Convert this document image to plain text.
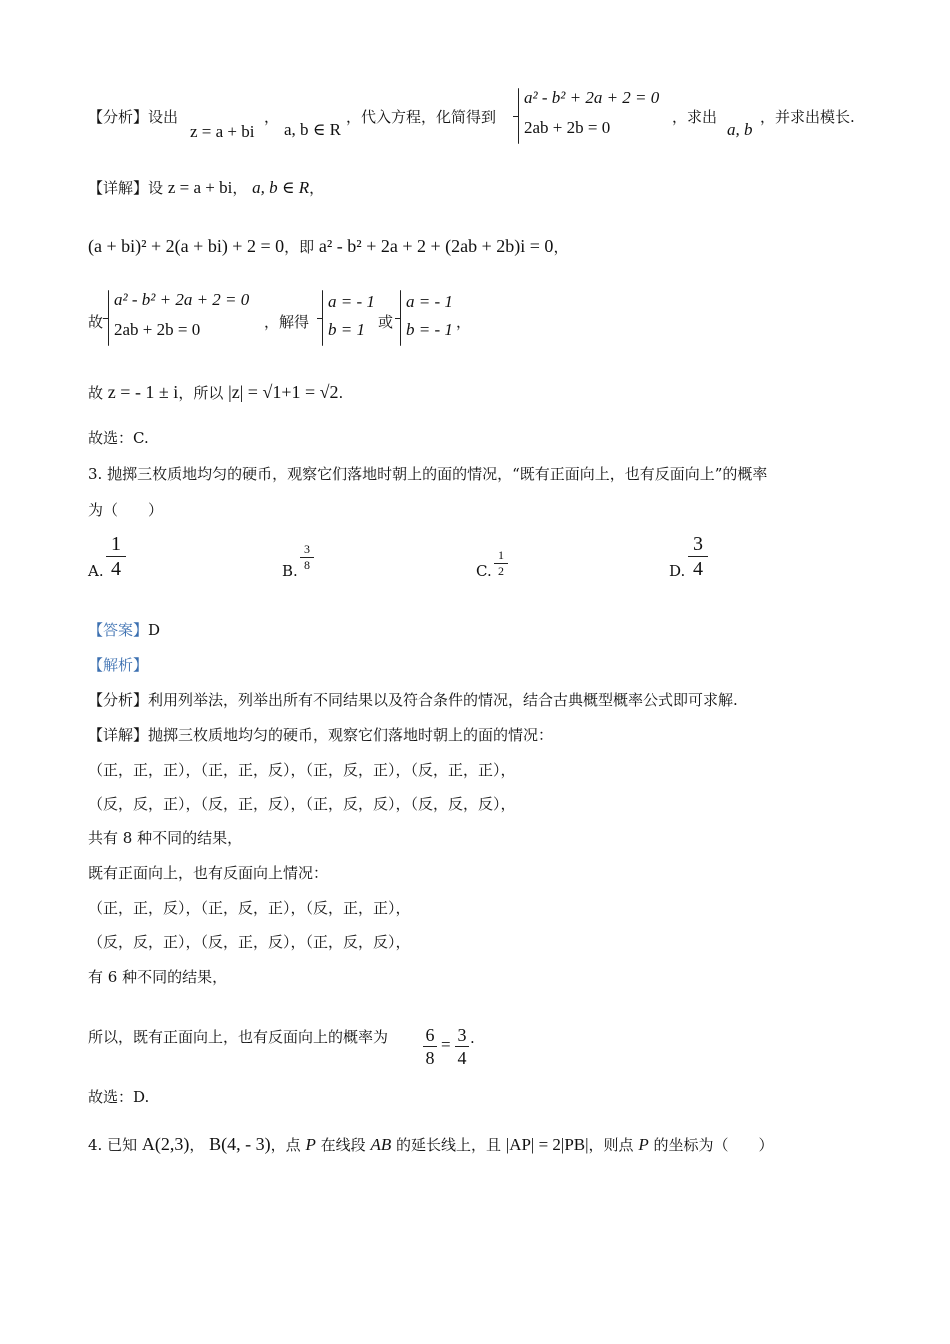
【分析】设出
z = a + bi
，
a, b ∈ R
，代入方程，化简得到
a² - b² + 2a + 2 = 0
2ab + 2b = 0
，求出
a, b
，并求出模长.
【详解】设 z = a + bi， a, b ∈ R，
(a + bi)² + 2(a + bi) + 2 = 0，即 a² - b² + 2a + 2 + (2ab + 2b)i = 0，
故
a² - b² + 2a + 2 = 0
2ab + 2b = 0	，解得
a = - 1
b = 1 或
a = - 1
b = - 1 ，
故 z = - 1 ± i，所以 |z| = √1+1 = √2.
故选：C.
3. 抛掷三枚质地均匀的硬币，观察它们落地时朝上的面的情况，“既有正面向上，也有反面向上”的概率
为（　　）
A.
1
4	B.
3
8	C.
1
2	D.
3
4
【答案】D
【解析】
【分析】利用列举法，列举出所有不同结果以及符合条件的情况，结合古典概型概率公式即可求解.
【详解】抛掷三枚质地均匀的硬币，观察它们落地时朝上的面的情况：
（正，正，正），（正，正，反），（正，反，正），（反，正，正），
（反，反，正），（反，正，反），（正，反，反），（反，反，反），
共有 8 种不同的结果，
既有正面向上，也有反面向上情况：
（正，正，反），（正，反，正），（反，正，正），
（反，反，正），（反，正，反），（正，反，反），
有 6 种不同的结果，
所以，既有正面向上，也有反面向上的概率为 6
8
= 3
4
.
故选：D.
4. 已知 A(2,3)， B(4, - 3)，点 P 在线段 AB 的延长线上，且 |AP| = 2|PB|，则点 P 的坐标为（　　）
